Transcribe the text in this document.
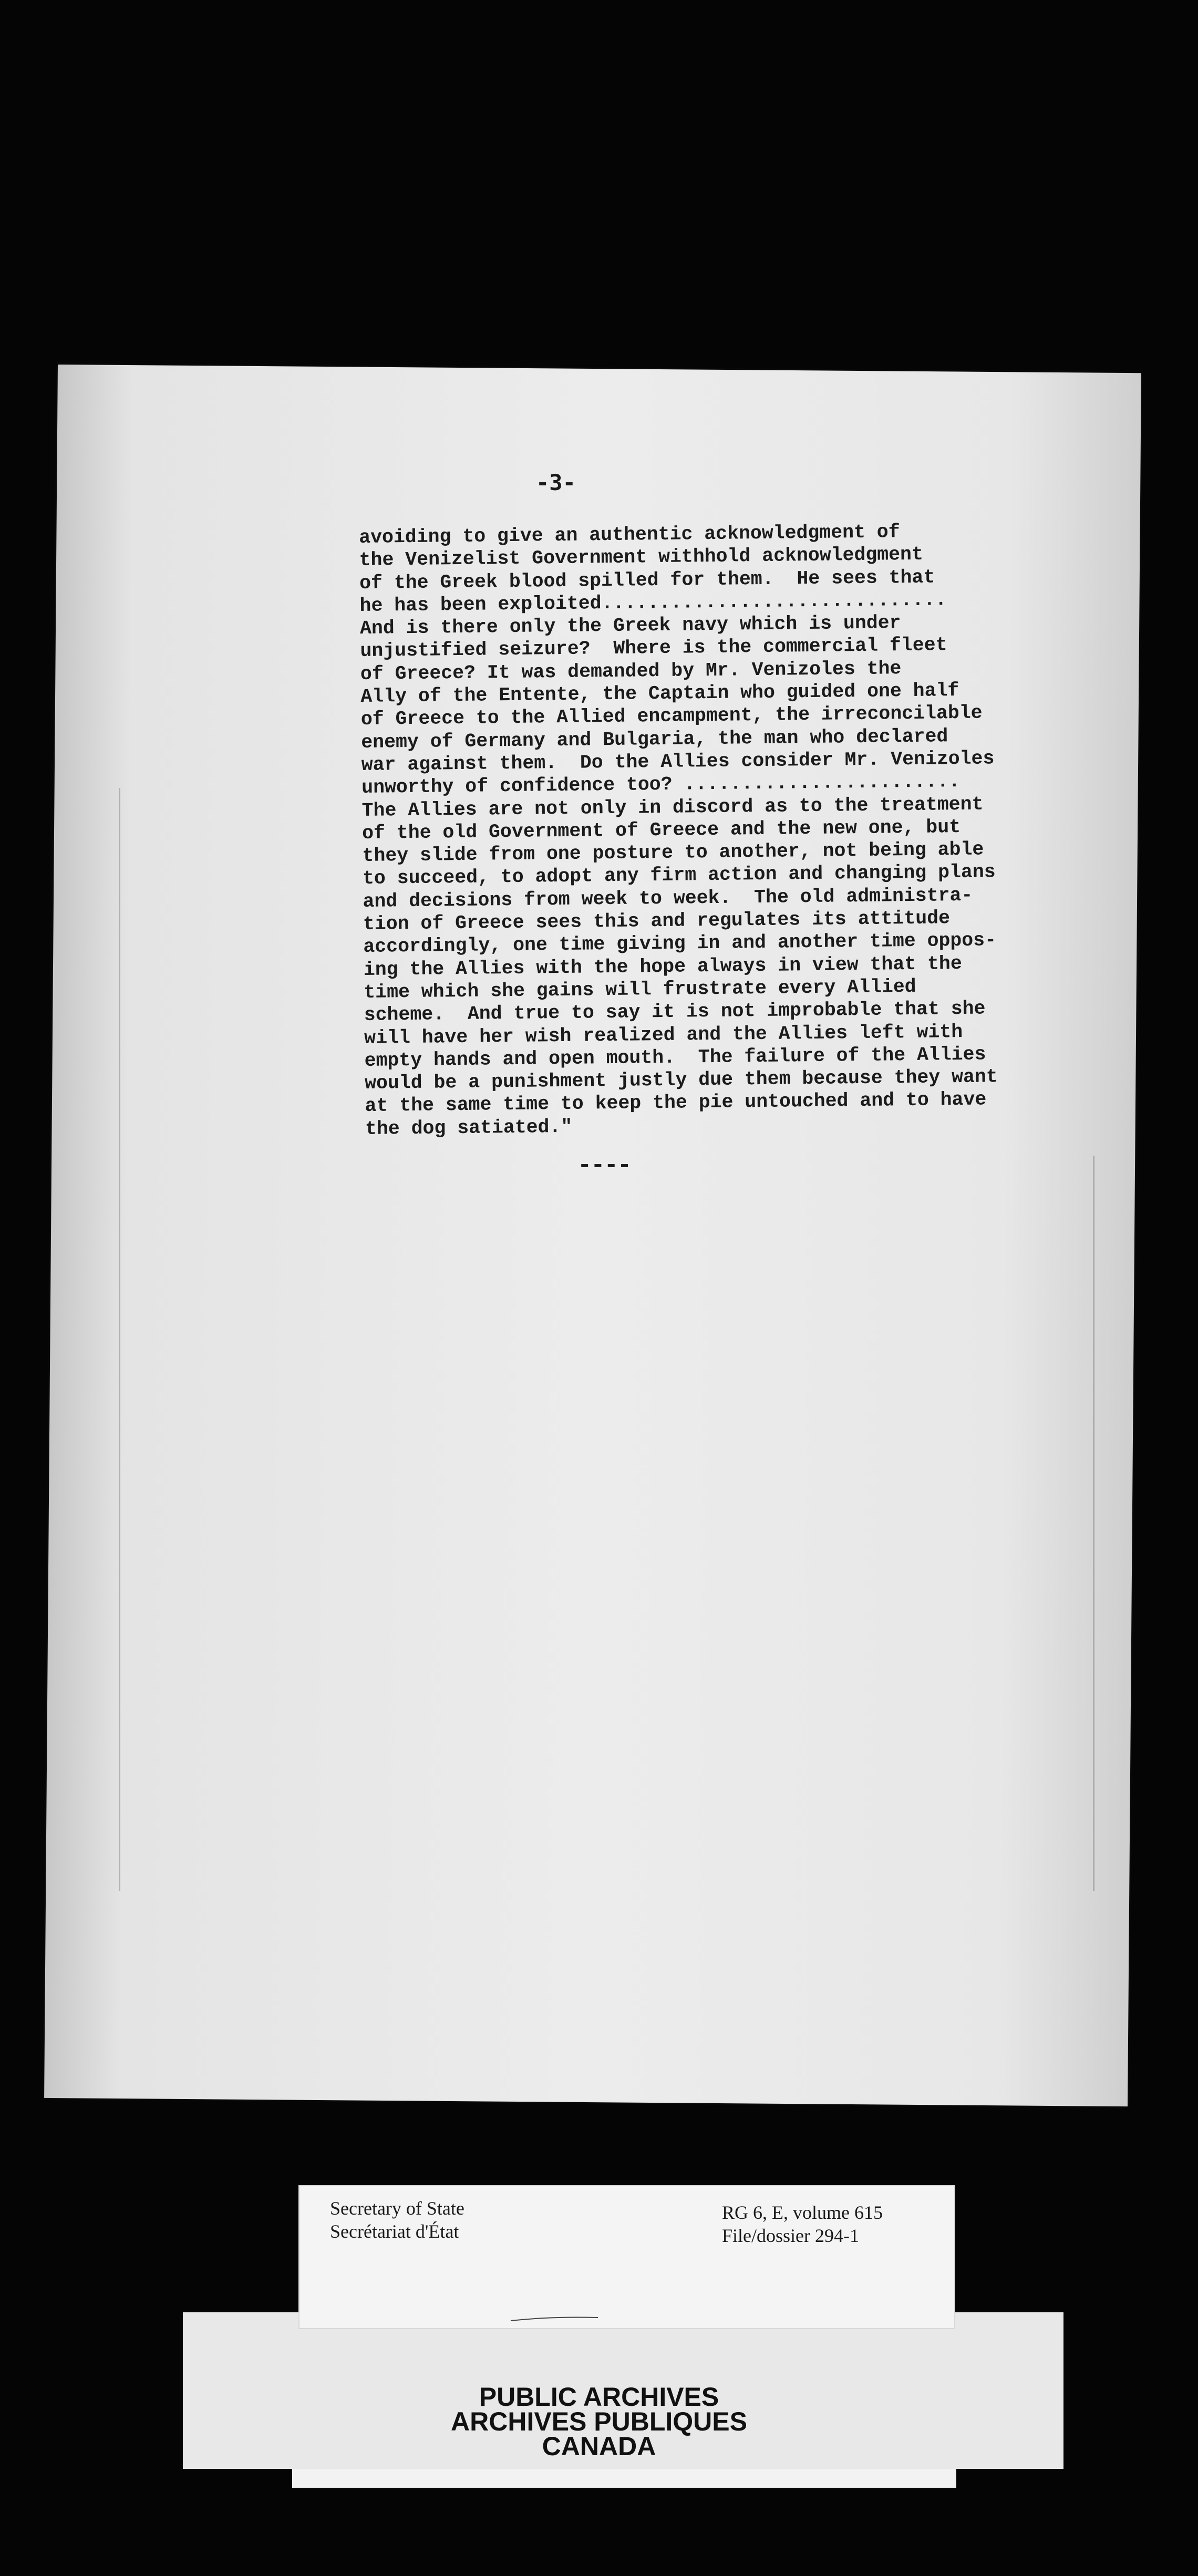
-3-
avoiding to give an authentic acknowledgment of
the Venizelist Government withhold acknowledgment
of the Greek blood spilled for them.  He sees that
he has been exploited..............................
And is there only the Greek navy which is under
unjustified seizure?  Where is the commercial fleet
of Greece? It was demanded by Mr. Venizoles the
Ally of the Entente, the Captain who guided one half
of Greece to the Allied encampment, the irreconcilable
enemy of Germany and Bulgaria, the man who declared
war against them.  Do the Allies consider Mr. Venizoles
unworthy of confidence too? ........................
The Allies are not only in discord as to the treatment
of the old Government of Greece and the new one, but
they slide from one posture to another, not being able
to succeed, to adopt any firm action and changing plans
and decisions from week to week.  The old administra-
tion of Greece sees this and regulates its attitude
accordingly, one time giving in and another time oppos-
ing the Allies with the hope always in view that the
time which she gains will frustrate every Allied
scheme.  And true to say it is not improbable that she
will have her wish realized and the Allies left with
empty hands and open mouth.  The failure of the Allies
would be a punishment justly due them because they want
at the same time to keep the pie untouched and to have
the dog satiated."
----
Secretary of State
Secrétariat d'État
RG 6, E, volume 615
File/dossier 294-1
PUBLIC ARCHIVES
ARCHIVES PUBLIQUES
CANADA
